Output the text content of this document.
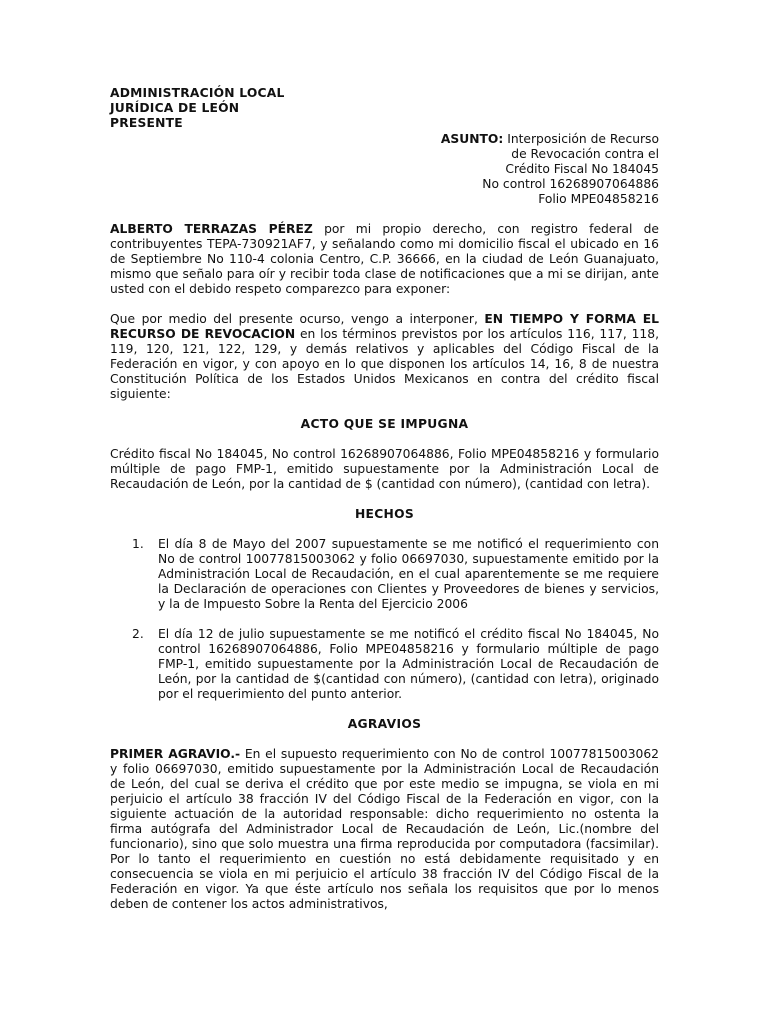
ADMINISTRACIÓN LOCAL
JURÍDICA DE LEÓN
PRESENTE
ASUNTO: Interposición de Recurso
de Revocación contra el
Crédito Fiscal No 184045
No control 16268907064886
Folio MPE04858216

ALBERTO TERRAZAS PÉREZ por mi propio derecho, con registro federal de contribuyentes TEPA-730921AF7, y señalando como mi domicilio fiscal el ubicado en 16 de Septiembre No 110-4 colonia Centro, C.P. 36666, en la ciudad de León Guanajuato, mismo que señalo para oír y recibir toda clase de notificaciones que a mi se dirijan, ante usted con el debido respeto comparezco para exponer:

Que por medio del presente ocurso, vengo a interponer, EN TIEMPO Y FORMA EL RECURSO DE REVOCACION en los términos previstos por los artículos 116, 117, 118, 119, 120, 121, 122, 129, y demás relativos y aplicables del Código Fiscal de la Federación en vigor, y con apoyo en lo que disponen los artículos 14, 16, 8 de nuestra Constitución Política de los Estados Unidos Mexicanos en contra del crédito fiscal siguiente:

ACTO QUE SE IMPUGNA

Crédito fiscal No 184045, No control 16268907064886, Folio MPE04858216 y formulario múltiple de pago FMP-1, emitido supuestamente por la Administración Local de Recaudación de León, por la cantidad de $ (cantidad con número), (cantidad con letra).

HECHOS
1. El día 8 de Mayo del 2007 supuestamente se me notificó el requerimiento con No de control 10077815003062 y folio 06697030, supuestamente emitido por la Administración Local de Recaudación, en el cual aparentemente se me requiere la Declaración de operaciones con Clientes y Proveedores de bienes y servicios, y la de Impuesto Sobre la Renta del Ejercicio 2006
2. El día 12 de julio supuestamente se me notificó el crédito fiscal No 184045, No control 16268907064886, Folio MPE04858216 y formulario múltiple de pago FMP-1, emitido supuestamente por la Administración Local de Recaudación de León, por la cantidad de $(cantidad con número), (cantidad con letra), originado por el requerimiento del punto anterior.
AGRAVIOS

PRIMER AGRAVIO.- En el supuesto requerimiento con No de control 10077815003062 y folio 06697030, emitido supuestamente por la Administración Local de Recaudación de León, del cual se deriva el crédito que por este medio se impugna, se viola en mi perjuicio el artículo 38 fracción IV del Código Fiscal de la Federación en vigor, con la siguiente actuación de la autoridad responsable: dicho requerimiento no ostenta la firma autógrafa del Administrador Local de Recaudación de León, Lic.(nombre del funcionario), sino que solo muestra una firma reproducida por computadora (facsimilar). Por lo tanto el requerimiento en cuestión no está debidamente requisitado y en consecuencia se viola en mi perjuicio el artículo 38 fracción IV del Código Fiscal de la Federación en vigor. Ya que éste artículo nos señala los requisitos que por lo menos deben de contener los actos administrativos,
